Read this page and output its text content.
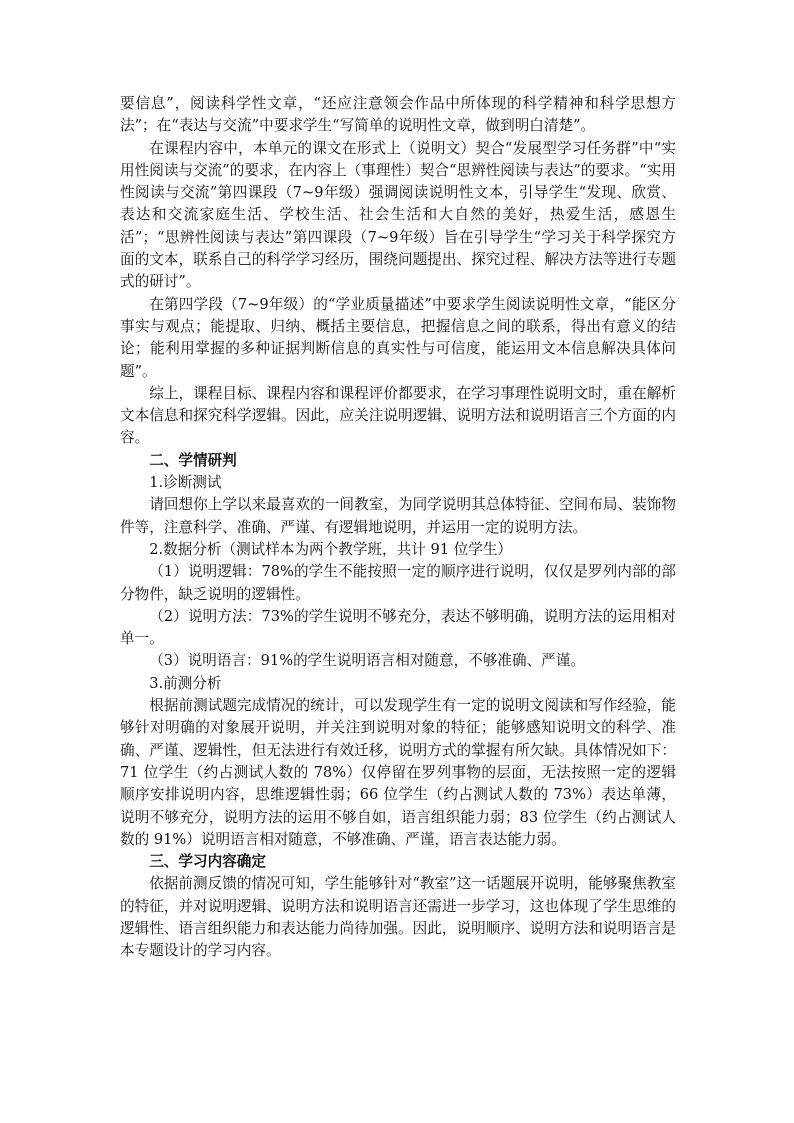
要信息”，阅读科学性文章，“还应注意领会作品中所体现的科学精神和科学思想方法”；在“表达与交流”中要求学生“写简单的说明性文章，做到明白清楚”。

在课程内容中，本单元的课文在形式上（说明文）契合“发展型学习任务群”中“实用性阅读与交流”的要求，在内容上（事理性）契合“思辨性阅读与表达”的要求。“实用性阅读与交流”第四课段（7~9年级）强调阅读说明性文本，引导学生“发现、欣赏、表达和交流家庭生活、学校生活、社会生活和大自然的美好，热爱生活，感恩生活”；“思辨性阅读与表达”第四课段（7~9年级）旨在引导学生“学习关于科学探究方面的文本，联系自己的科学学习经历，围绕问题提出、探究过程、解决方法等进行专题式的研讨”。

在第四学段（7~9年级）的“学业质量描述”中要求学生阅读说明性文章，“能区分事实与观点；能提取、归纳、概括主要信息，把握信息之间的联系，得出有意义的结论；能利用掌握的多种证据判断信息的真实性与可信度，能运用文本信息解决具体问题”。

综上，课程目标、课程内容和课程评价都要求，在学习事理性说明文时，重在解析文本信息和探究科学逻辑。因此，应关注说明逻辑、说明方法和说明语言三个方面的内容。

二、学情研判

1.诊断测试

请回想你上学以来最喜欢的一间教室，为同学说明其总体特征、空间布局、装饰物件等，注意科学、准确、严谨、有逻辑地说明，并运用一定的说明方法。

2.数据分析（测试样本为两个教学班，共计 91 位学生）

（1）说明逻辑：78%的学生不能按照一定的顺序进行说明，仅仅是罗列内部的部分物件，缺乏说明的逻辑性。

（2）说明方法：73%的学生说明不够充分，表达不够明确，说明方法的运用相对单一。

（3）说明语言：91%的学生说明语言相对随意，不够准确、严谨。

3.前测分析

根据前测试题完成情况的统计，可以发现学生有一定的说明文阅读和写作经验，能够针对明确的对象展开说明，并关注到说明对象的特征；能够感知说明文的科学、准确、严谨、逻辑性，但无法进行有效迁移，说明方式的掌握有所欠缺。具体情况如下：71 位学生（约占测试人数的 78%）仅停留在罗列事物的层面，无法按照一定的逻辑顺序安排说明内容，思维逻辑性弱；66 位学生（约占测试人数的 73%）表达单薄，说明不够充分，说明方法的运用不够自如，语言组织能力弱；83 位学生（约占测试人数的 91%）说明语言相对随意，不够准确、严谨，语言表达能力弱。

三、学习内容确定

依据前测反馈的情况可知，学生能够针对“教室”这一话题展开说明，能够聚焦教室的特征，并对说明逻辑、说明方法和说明语言还需进一步学习，这也体现了学生思维的逻辑性、语言组织能力和表达能力尚待加强。因此，说明顺序、说明方法和说明语言是本专题设计的学习内容。
